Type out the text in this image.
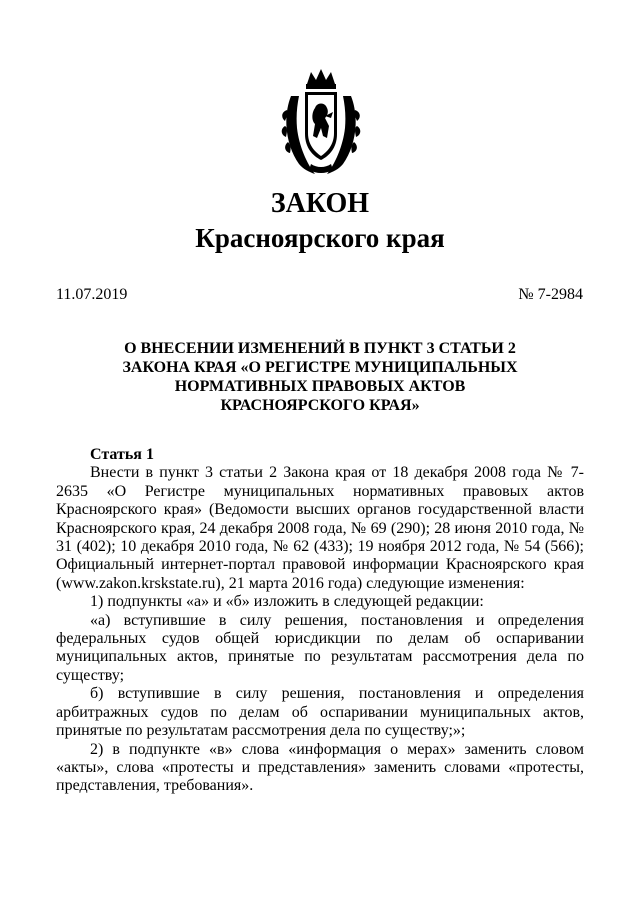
ЗАКОН
Красноярского края
11.07.2019	№ 7-2984
О ВНЕСЕНИИ ИЗМЕНЕНИЙ В ПУНКТ 3 СТАТЬИ 2
ЗАКОНА КРАЯ «О РЕГИСТРЕ МУНИЦИПАЛЬНЫХ
НОРМАТИВНЫХ ПРАВОВЫХ АКТОВ
КРАСНОЯРСКОГО КРАЯ»

Статья 1

Внести в пункт 3 статьи 2 Закона края от 18 декабря 2008 года № 7-2635 «О Регистре муниципальных нормативных правовых актов Красноярского края» (Ведомости высших органов государственной власти Красноярского края, 24 декабря 2008 года, № 69 (290); 28 июня 2010 года, № 31 (402); 10 декабря 2010 года, № 62 (433); 19 ноября 2012 года, № 54 (566); Официальный интернет-портал правовой информации Красноярского края (www.zakon.krskstate.ru), 21 марта 2016 года) следующие изменения:

1) подпункты «а» и «б» изложить в следующей редакции:

«а) вступившие в силу решения, постановления и определения федеральных судов общей юрисдикции по делам об оспаривании муниципальных актов, принятые по результатам рассмотрения дела по существу;

б) вступившие в силу решения, постановления и определения арбитражных судов по делам об оспаривании муниципальных актов, принятые по результатам рассмотрения дела по существу;»;

2) в подпункте «в» слова «информация о мерах» заменить словом «акты», слова «протесты и представления» заменить словами «протесты, представления, требования».
